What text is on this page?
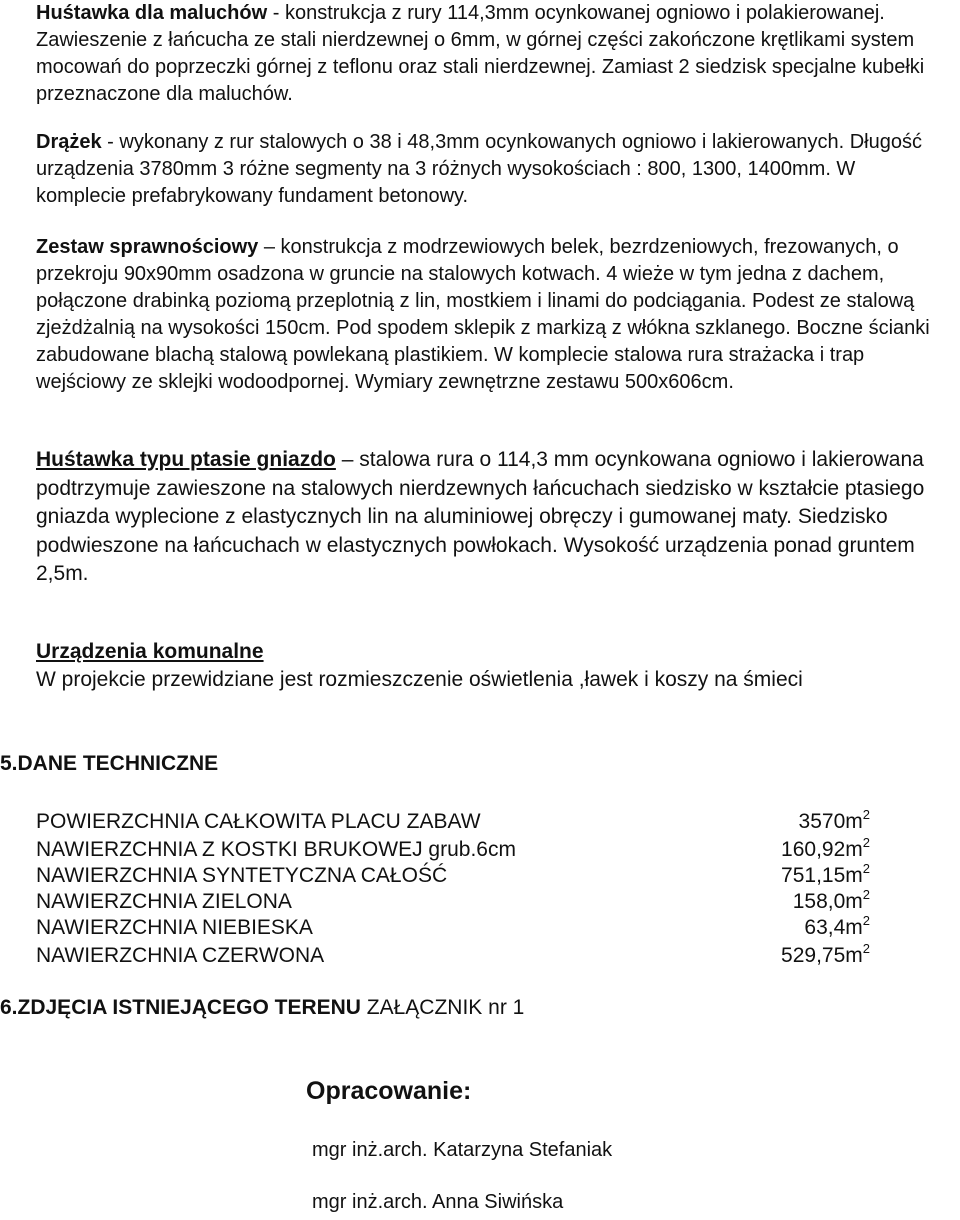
Huśtawka dla maluchów - konstrukcja z rury 114,3mm ocynkowanej ogniowo i polakierowanej. Zawieszenie z łańcucha ze stali nierdzewnej o 6mm, w górnej części zakończone krętlikami system mocowań do poprzeczki górnej z teflonu oraz stali nierdzewnej. Zamiast 2 siedzisk specjalne kubełki przeznaczone dla maluchów.

Drążek - wykonany z rur stalowych o 38 i 48,3mm ocynkowanych ogniowo i lakierowanych. Długość urządzenia 3780mm 3 różne segmenty na 3 różnych wysokościach : 800, 1300, 1400mm. W komplecie prefabrykowany fundament betonowy.

Zestaw sprawnościowy – konstrukcja z modrzewiowych belek, bezrdzeniowych, frezowanych, o przekroju 90x90mm osadzona w gruncie na stalowych kotwach. 4 wieże w tym jedna z dachem, połączone drabinką poziomą przeplotnią z lin, mostkiem i linami do podciągania. Podest ze stalową zjeżdżalnią na wysokości 150cm. Pod spodem sklepik z markizą z włókna szklanego. Boczne ścianki zabudowane blachą stalową powlekaną plastikiem. W komplecie stalowa rura strażacka i trap wejściowy ze sklejki wodoodpornej. Wymiary zewnętrzne zestawu 500x606cm.

Huśtawka typu ptasie gniazdo – stalowa rura o 114,3 mm ocynkowana ogniowo i lakierowana podtrzymuje zawieszone na stalowych nierdzewnych łańcuchach siedzisko w kształcie ptasiego gniazda wyplecione z elastycznych lin na aluminiowej obręczy i gumowanej maty. Siedzisko podwieszone na łańcuchach w elastycznych powłokach. Wysokość urządzenia ponad gruntem 2,5m.

Urządzenia komunalne

W projekcie przewidziane jest rozmieszczenie oświetlenia ,ławek i koszy na śmieci

5.DANE TECHNICZNE

POWIERZCHNIA CAŁKOWITA PLACU ZABAW	$3570m^2$
NAWIERZCHNIA Z KOSTKI BRUKOWEJ grub.6cm	$160,92m^2$
NAWIERZCHNIA SYNTETYCZNA CAŁOŚĆ	$751,15m^2$
NAWIERZCHNIA ZIELONA	$158,0m^2$
NAWIERZCHNIA NIEBIESKA	$63,4m^2$
NAWIERZCHNIA CZERWONA	$529,75m^2$

6.ZDJĘCIA ISTNIEJĄCEGO TERENU ZAŁĄCZNIK nr 1

Opracowanie:

mgr inż.arch. Katarzyna Stefaniak

mgr inż.arch. Anna Siwińska
